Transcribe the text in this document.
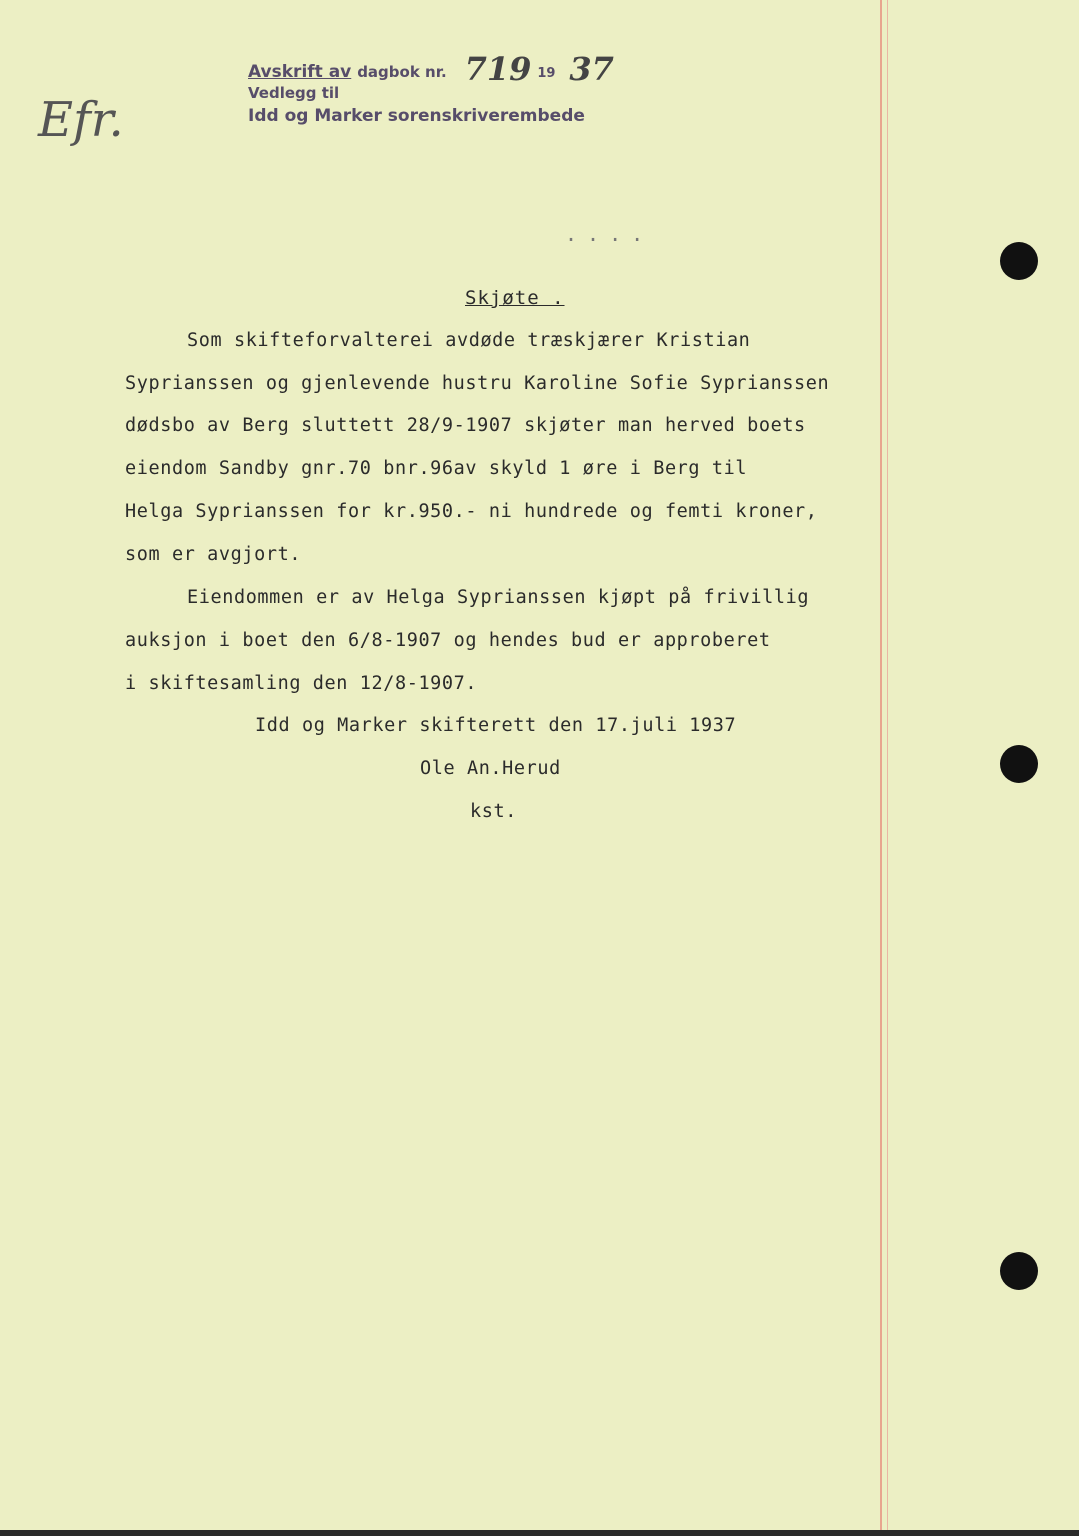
Avskrift av dagbok nr. 719 19 37
Vedlegg til
Idd og Marker sorenskriverembede
Efr.
....
Skjøte .
Som skifteforvalterei avdøde træskjærer Kristian
Syprianssen og gjenlevende hustru Karoline Sofie Syprianssen
dødsbo av Berg sluttett 28/9-1907 skjøter man herved boets
eiendom Sandby gnr.70 bnr.96av skyld 1 øre i Berg til
Helga Syprianssen for kr.950.- ni hundrede og femti kroner,
som er avgjort.
Eiendommen er av Helga Syprianssen kjøpt på frivillig
auksjon i boet den 6/8-1907 og hendes bud er approberet
i skiftesamling den 12/8-1907.
Idd og Marker skifterett den 17.juli 1937
Ole An.Herud
kst.
